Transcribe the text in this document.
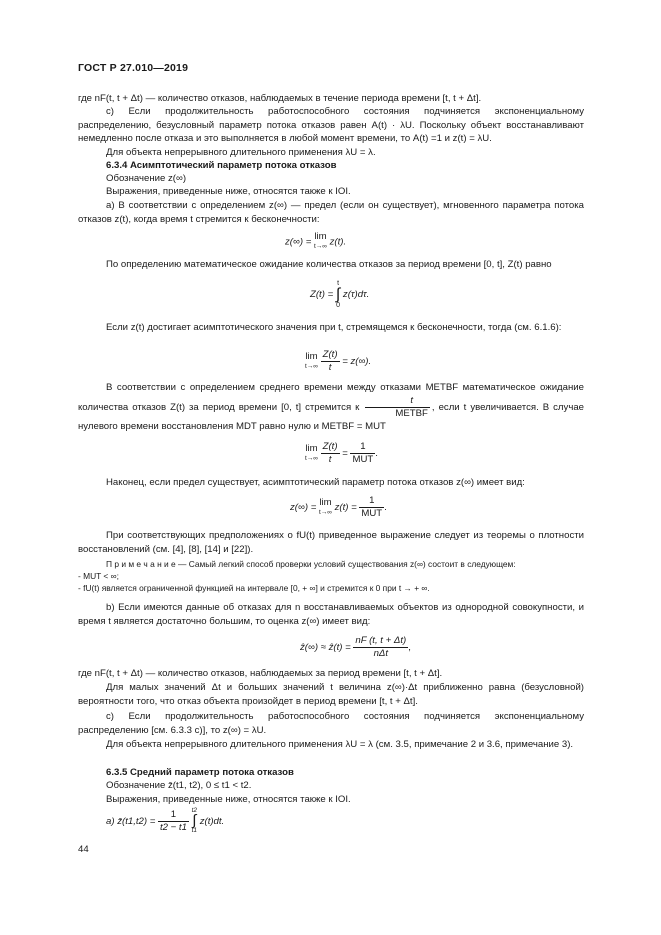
ГОСТ Р 27.010—2019
где nF(t, t + Δt) — количество отказов, наблюдаемых в течение периода времени [t, t + Δt].
c) Если продолжительность работоспособного состояния подчиняется экспоненциальному распределению, безусловный параметр потока отказов равен A(t) · λU. Поскольку объект восстанавливают немедленно после отказа и это выполняется в любой момент времени, то A(t) =1 и z(t) = λU.
Для объекта непрерывного длительного применения λU = λ.
6.3.4 Асимптотический параметр потока отказов
Обозначение z(∞)
Выражения, приведенные ниже, относятся также к IOI.
a) В соответствии с определением z(∞) — предел (если он существует), мгновенного параметра потока отказов z(t), когда время t стремится к бесконечности:
z(∞) = lim
t→∞ z(t).
По определению математическое ожидание количества отказов за период времени [0, t], Z(t) равно
Z(t) =
t
∫
0
z(τ)dτ.
Если z(t) достигает асимптотического значения при t, стремящемся к бесконечности, тогда (см. 6.1.6):
lim
t→∞
$\frac{Z(t)}{t} = z(\infty)$.
В соответствии с определением среднего времени между отказами METBF математическое ожидание количества отказов Z(t) за период времени [0, t] стремится к $\frac{t}{\text{METBF}}$ , если t увеличивается. В случае нулевого времени восстановления MDT равно нулю и METBF = MUT
lim
t→∞
$\frac{Z(t)}{t} = \frac{1}{\text{MUT}}$ .
Наконец, если предел существует, асимптотический параметр потока отказов z(∞) имеет вид:
z(∞) = lim
t→∞ $z(t) = \frac{1}{\text{MUT}}$ .
При соответствующих предположениях о fU(t) приведенное выражение следует из теоремы о плотности восстановлений (см. [4], [8], [14] и [22]).
П р и м е ч а н и е — Самый легкий способ проверки условий существования z(∞) состоит в следующем:
- MUT < ∞;
- fU(t) является ограниченной функцией на интервале [0, + ∞] и стремится к 0 при t → + ∞.
b) Если имеются данные об отказах для n восстанавливаемых объектов из однородной совокупности, и время t является достаточно большим, то оценка z(∞) имеет вид:
ẑ(∞) ≈ ẑ(t) = $\frac{nF (t, t + \Delta t)}{\text{nΔt}}$ ,
где nF(t, t + Δt) — количество отказов, наблюдаемых за период времени [t, t + Δt].
Для малых значений Δt и больших значений t величина z(∞)·Δt приближенно равна (безусловной) вероятности того, что отказ объекта произойдет в период времени [t, t + Δt].
c) Если продолжительность работоспособного состояния подчиняется экспоненциальному распределению [см. 6.3.3 c)], то z(∞) = λU.
Для объекта непрерывного длительного применения λU = λ (см. 3.5, примечание 2 и 3.6, примечание 3).
6.3.5 Средний параметр потока отказов
Обозначение z̄(t1, t2), 0 ≤ t1 < t2.
Выражения, приведенные ниже, относятся также к IOI.
a) z̄(t1,t2) = $\frac{1}{t2 - t1}$
t2
∫
t1
z(t)dt.
44
